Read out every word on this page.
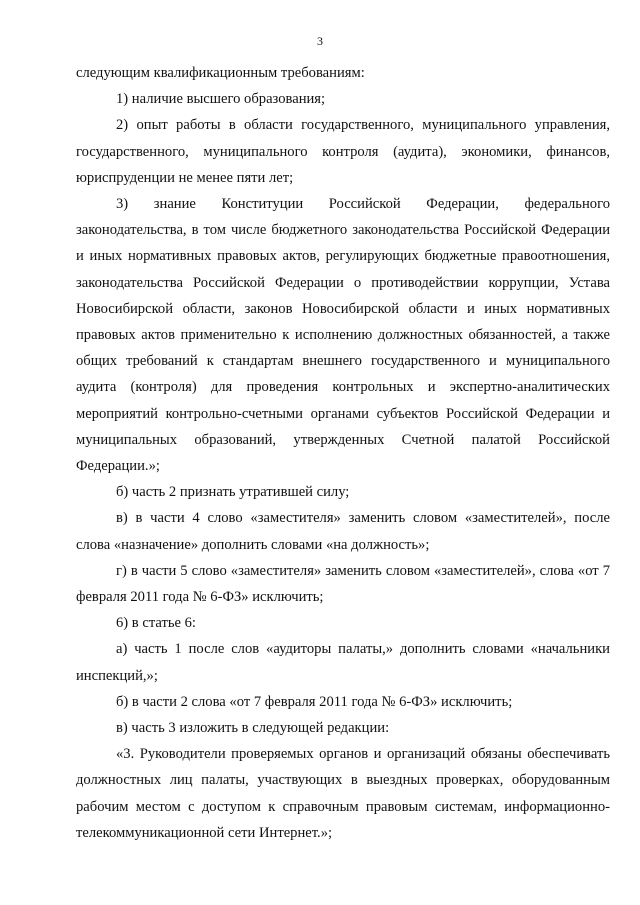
3

следующим квалификационным требованиям:

1) наличие высшего образования;

2) опыт работы в области государственного, муниципального управления, государственного, муниципального контроля (аудита), экономики, финансов, юриспруденции не менее пяти лет;

3) знание Конституции Российской Федерации, федерального законодательства, в том числе бюджетного законодательства Российской Федерации и иных нормативных правовых актов, регулирующих бюджетные правоотношения, законодательства Российской Федерации о противодействии коррупции, Устава Новосибирской области, законов Новосибирской области и иных нормативных правовых актов применительно к исполнению должностных обязанностей, а также общих требований к стандартам внешнего государственного и муниципального аудита (контроля) для проведения контрольных и экспертно-аналитических мероприятий контрольно-счетными органами субъектов Российской Федерации и муниципальных образований, утвержденных Счетной палатой Российской Федерации.»;

б) часть 2 признать утратившей силу;

в) в части 4 слово «заместителя» заменить словом «заместителей», после слова «назначение» дополнить словами «на должность»;

г) в части 5 слово «заместителя» заменить словом «заместителей», слова «от 7 февраля 2011 года № 6-ФЗ» исключить;

6) в статье 6:

а) часть 1 после слов «аудиторы палаты,» дополнить словами «начальники инспекций,»;

б) в части 2 слова «от 7 февраля 2011 года № 6-ФЗ» исключить;

в) часть 3 изложить в следующей редакции:

«3. Руководители проверяемых органов и организаций обязаны обеспечивать должностных лиц палаты, участвующих в выездных проверках, оборудованным рабочим местом с доступом к справочным правовым системам, информационно-телекоммуникационной сети Интернет.»;
